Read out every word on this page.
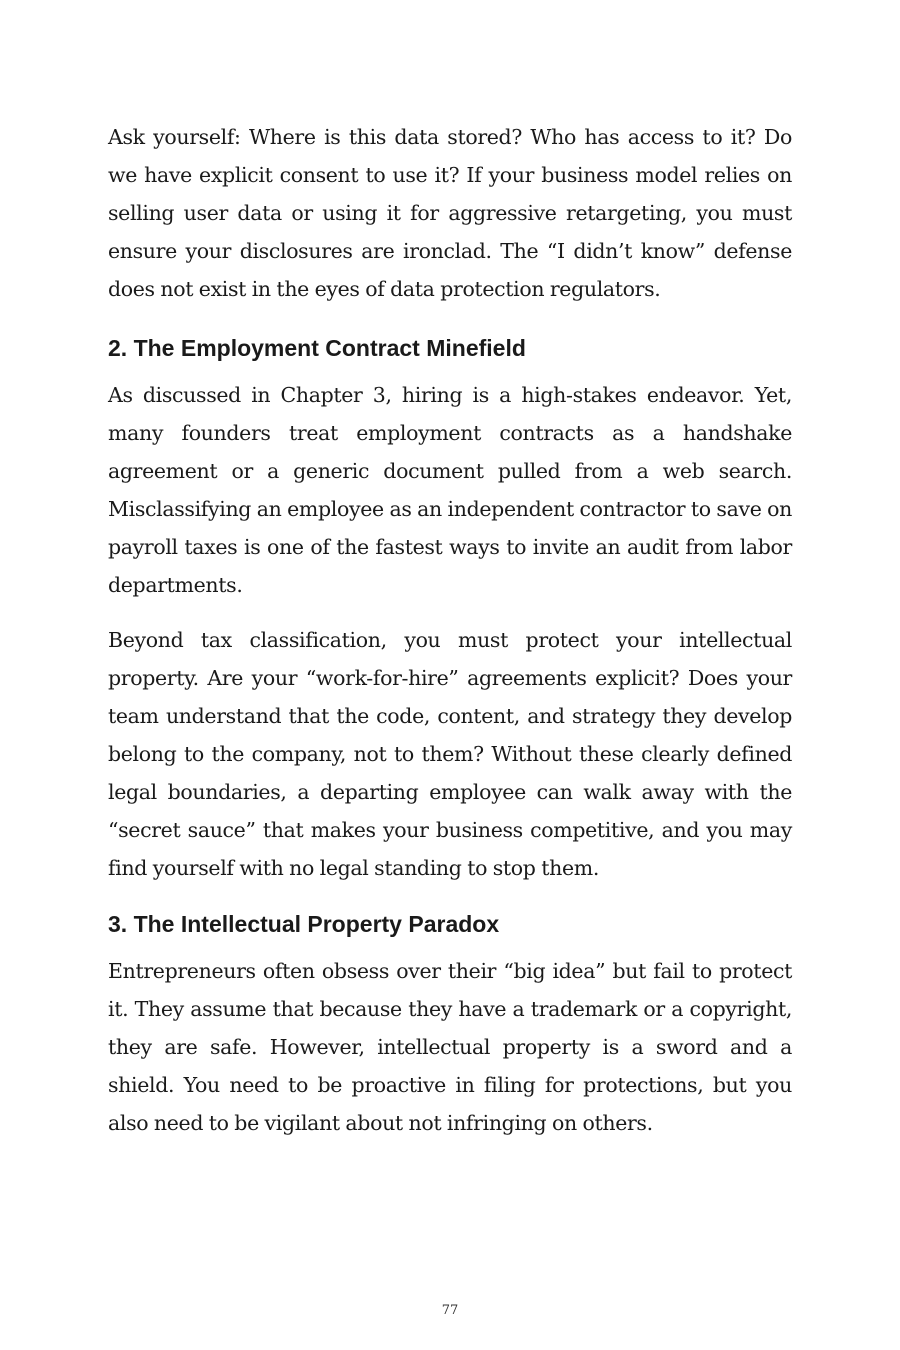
Ask yourself: Where is this data stored? Who has access to it? Do we have explicit consent to use it? If your business model relies on selling user data or using it for aggressive retargeting, you must ensure your disclosures are ironclad. The “I didn’t know” defense does not exist in the eyes of data protection regulators.

2. The Employment Contract Minefield

As discussed in Chapter 3, hiring is a high-stakes endeavor. Yet, many founders treat employment contracts as a handshake agreement or a generic document pulled from a web search. Misclassifying an employee as an independent contractor to save on payroll taxes is one of the fastest ways to invite an audit from labor departments.

Beyond tax classification, you must protect your intellectual property. Are your “work-for-hire” agreements explicit? Does your team understand that the code, content, and strategy they develop belong to the company, not to them? Without these clearly defined legal boundaries, a departing employee can walk away with the “secret sauce” that makes your business competitive, and you may find yourself with no legal standing to stop them.

3. The Intellectual Property Paradox

Entrepreneurs often obsess over their “big idea” but fail to protect it. They assume that because they have a trademark or a copyright, they are safe. However, intellectual property is a sword and a shield. You need to be proactive in filing for protections, but you also need to be vigilant about not infringing on others.

77
